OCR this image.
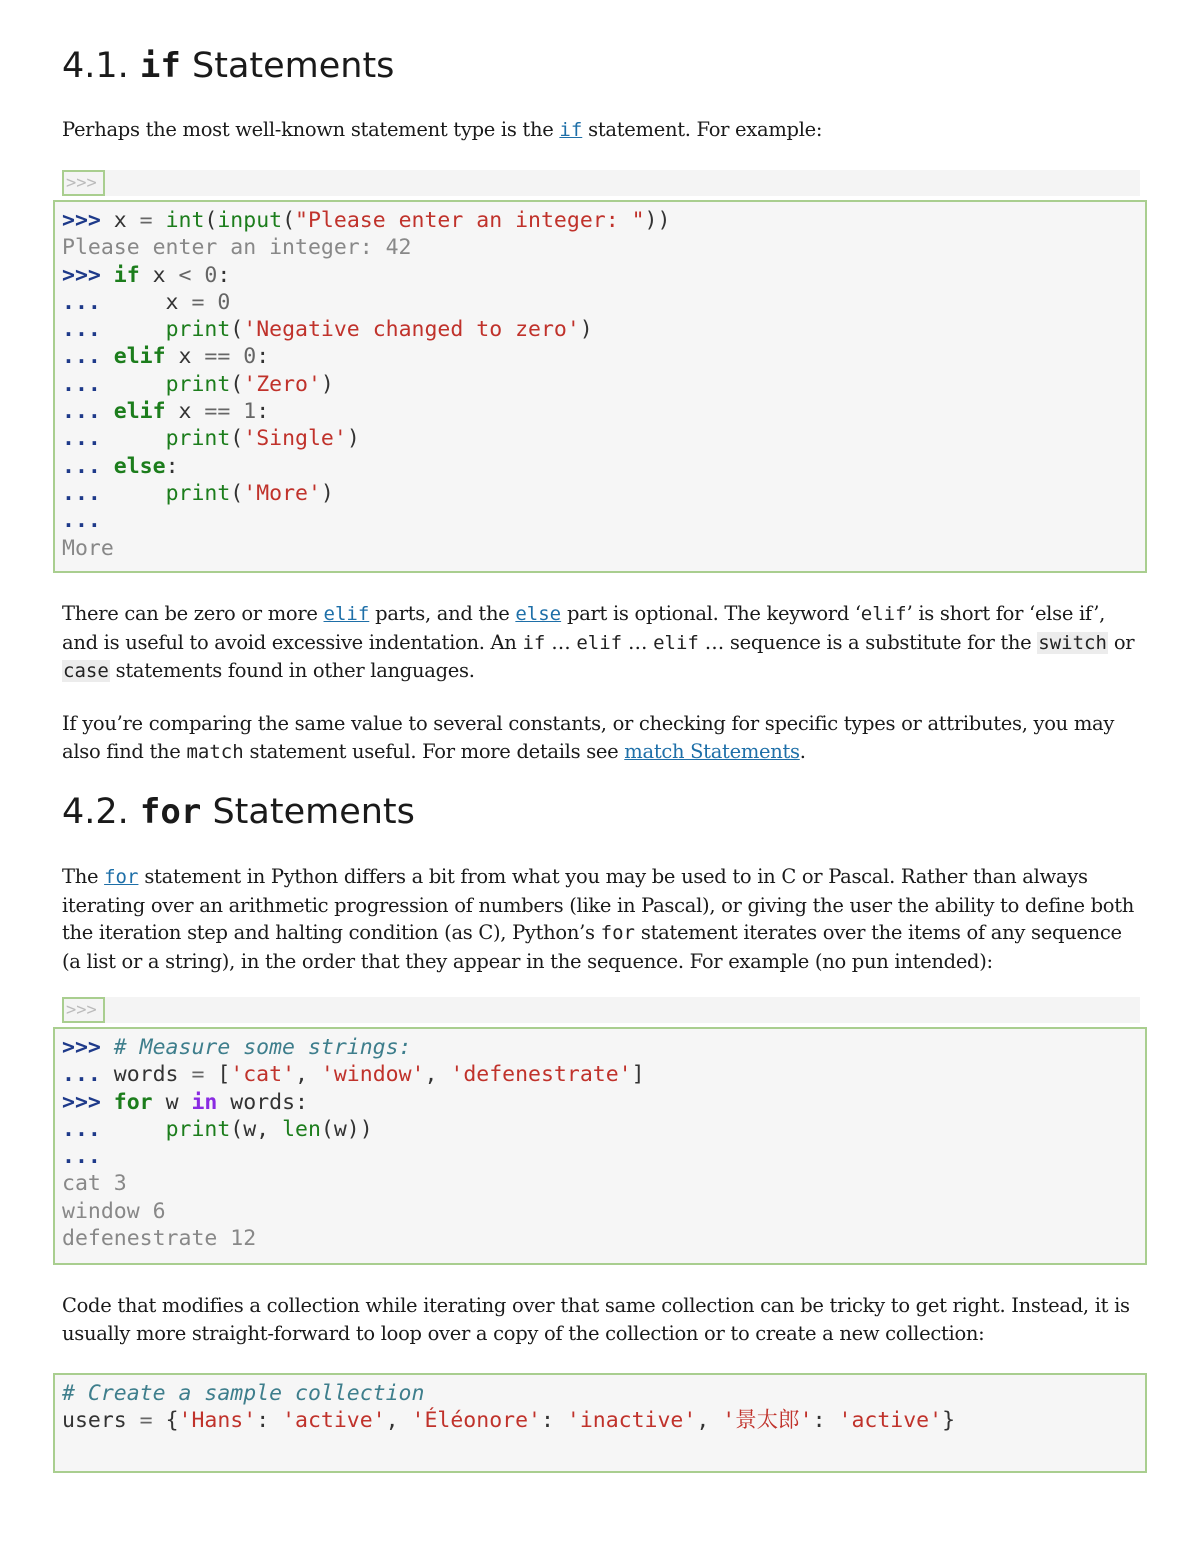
4.1. if Statements

Perhaps the most well-known statement type is the if statement. For example:

>>>
>>> x = int(input("Please enter an integer: "))
Please enter an integer: 42
>>> if x < 0:
...     x = 0
...     print('Negative changed to zero')
... elif x == 0:
...     print('Zero')
... elif x == 1:
...     print('Single')
... else:
...     print('More')
...
More

There can be zero or more elif parts, and the else part is optional. The keyword ‘elif’ is short for ‘else if’, and is useful to avoid excessive indentation. An if … elif … elif … sequence is a substitute for the switch or case statements found in other languages.

If you’re comparing the same value to several constants, or checking for specific types or attributes, you may also find the match statement useful. For more details see match Statements.

4.2. for Statements

The for statement in Python differs a bit from what you may be used to in C or Pascal. Rather than always iterating over an arithmetic progression of numbers (like in Pascal), or giving the user the ability to define both the iteration step and halting condition (as C), Python’s for statement iterates over the items of any sequence (a list or a string), in the order that they appear in the sequence. For example (no pun intended):

>>>
>>> # Measure some strings:
... words = ['cat', 'window', 'defenestrate']
>>> for w in words:
...     print(w, len(w))
...
cat 3
window 6
defenestrate 12

Code that modifies a collection while iterating over that same collection can be tricky to get right. Instead, it is usually more straight-forward to loop over a copy of the collection or to create a new collection:

# Create a sample collection
users = {'Hans': 'active', 'Éléonore': 'inactive', '景太郎': 'active'}
